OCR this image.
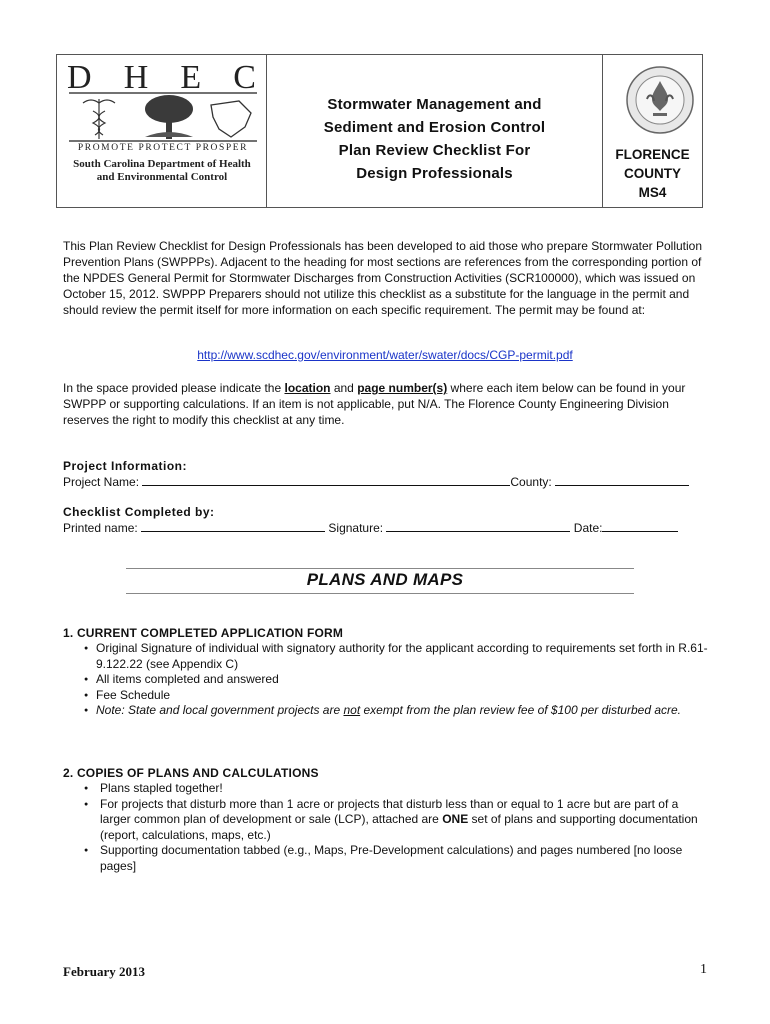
D H E C
PROMOTE PROTECT PROSPER
South Carolina Department of Health
and Environmental Control
Stormwater Management and
Sediment and Erosion Control
Plan Review Checklist For
Design Professionals
FLORENCE
COUNTY
MS4
This Plan Review Checklist for Design Professionals has been developed to aid those who prepare Stormwater Pollution Prevention Plans (SWPPPs). Adjacent to the heading for most sections are references from the corresponding portion of the NPDES General Permit for Stormwater Discharges from Construction Activities (SCR100000), which was issued on October 15, 2012. SWPPP Preparers should not utilize this checklist as a substitute for the language in the permit and should review the permit itself for more information on each specific requirement. The permit may be found at:
http://www.scdhec.gov/environment/water/swater/docs/CGP-permit.pdf
In the space provided please indicate the location and page number(s) where each item below can be found in your SWPPP or supporting calculations. If an item is not applicable, put N/A. The Florence County Engineering Division reserves the right to modify this checklist at any time.
Project Information:
Project Name:	County:
Checklist Completed by:
Printed name:	Signature:	Date:
PLANS AND MAPS
1. CURRENT COMPLETED APPLICATION FORM
● Original Signature of individual with signatory authority for the applicant according to requirements set forth in R.61-9.122.22 (see Appendix C)
● All items completed and answered
● Fee Schedule
● Note: State and local government projects are not exempt from the plan review fee of $100 per disturbed acre.
2. COPIES OF PLANS AND CALCULATIONS
● Plans stapled together!
● For projects that disturb more than 1 acre or projects that disturb less than or equal to 1 acre but are part of a larger common plan of development or sale (LCP), attached are ONE set of plans and supporting documentation (report, calculations, maps, etc.)
● Supporting documentation tabbed (e.g., Maps, Pre-Development calculations) and pages numbered [no loose pages]
February 2013	1
